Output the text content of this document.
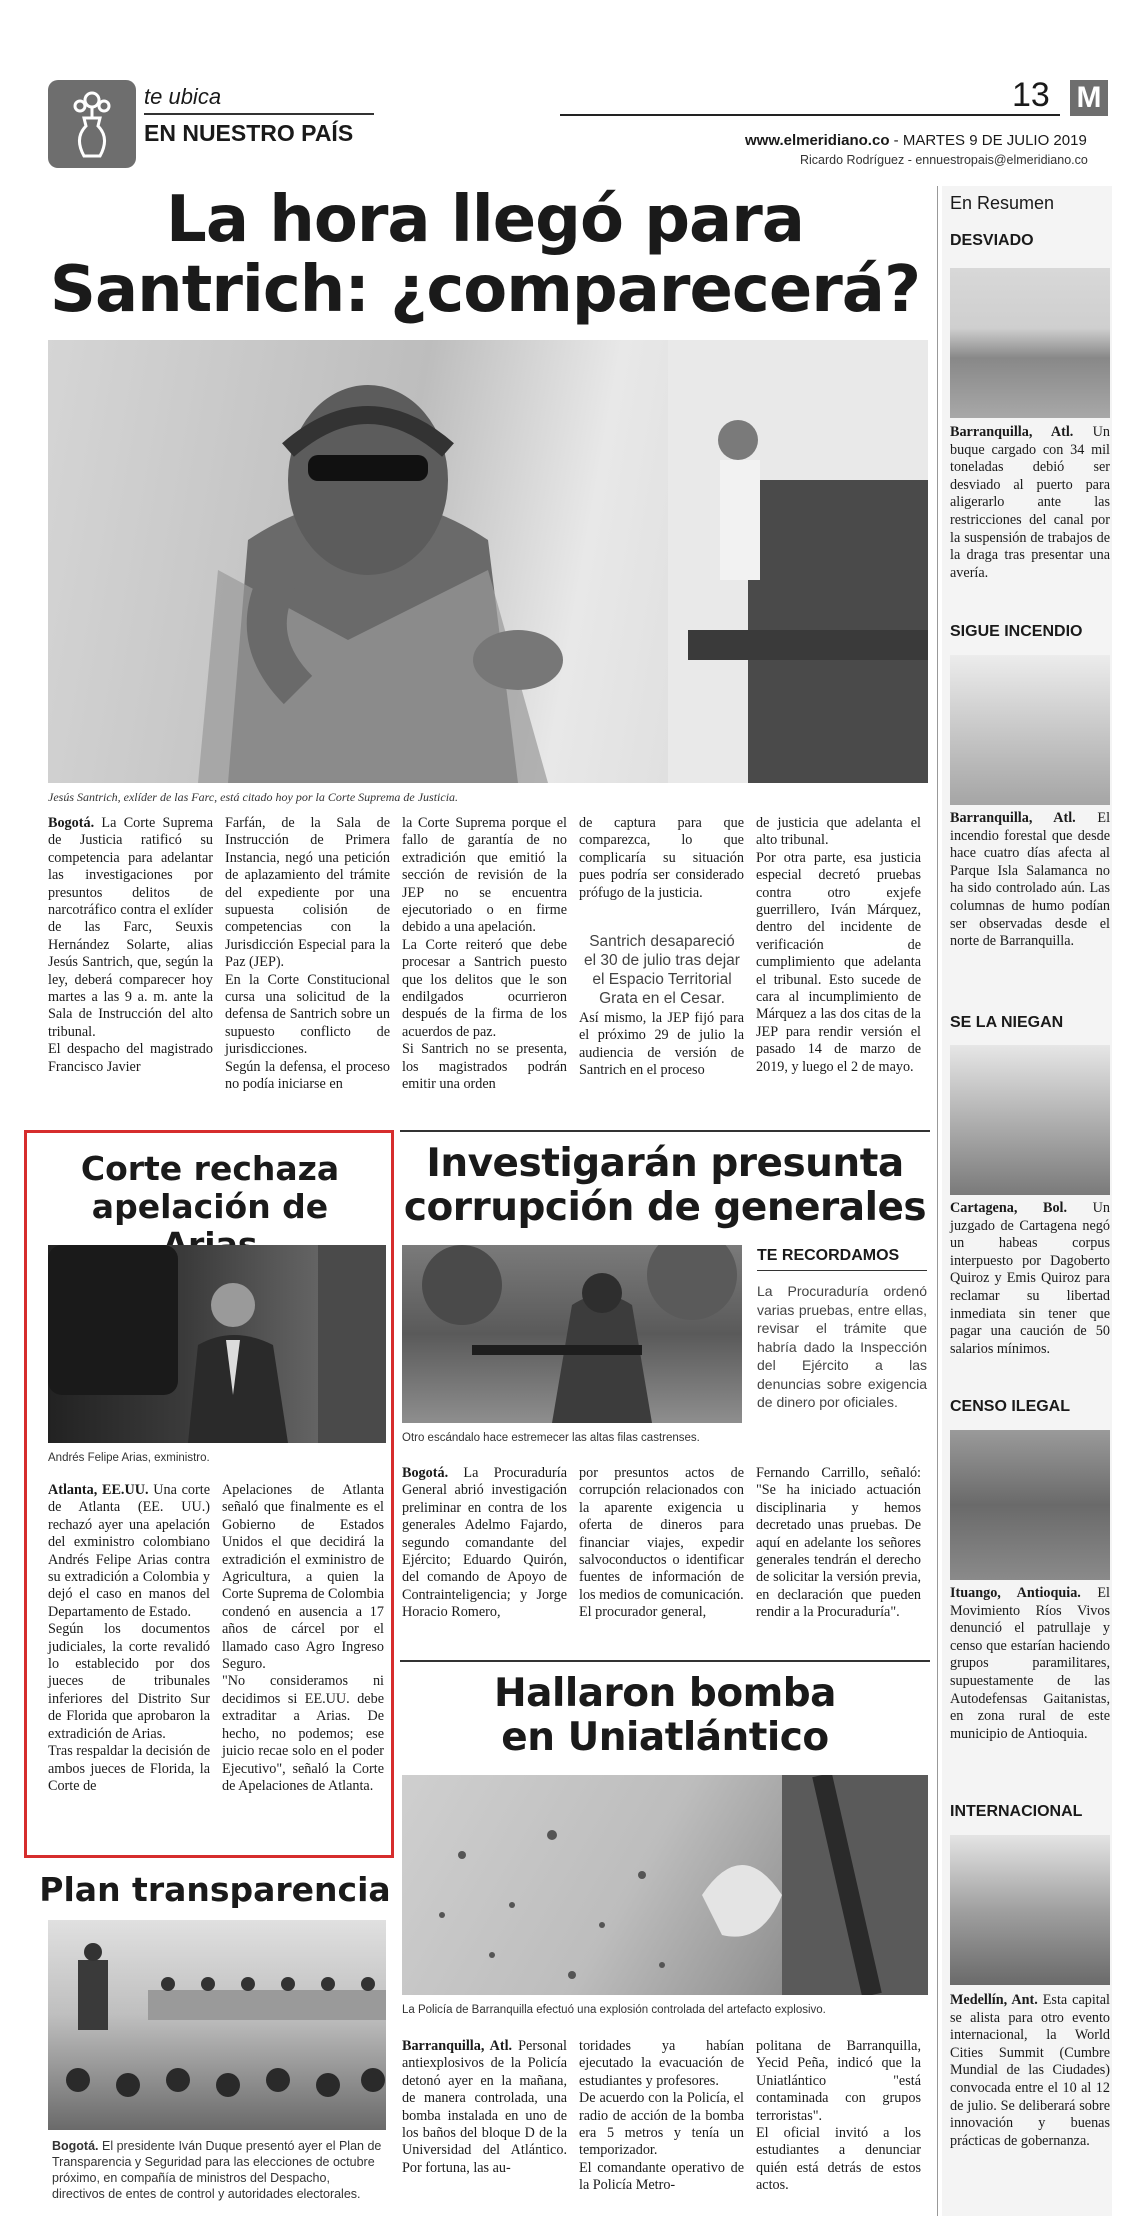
te ubica
EN NUESTRO PAÍS
13 M
www.elmeridiano.co - MARTES 9 DE JULIO 2019
Ricardo Rodríguez - ennuestropais@elmeridiano.co
La hora llegó para
Santrich: ¿comparecerá?
Jesús Santrich, exlíder de las Farc, está citado hoy por la Corte Suprema de Justicia.
Bogotá. La Corte Suprema de Justicia ratificó su competencia para adelantar las investigaciones por presuntos delitos de narcotráfico contra el exlíder de las Farc, Seuxis Hernández Solarte, alias Jesús Santrich, que, según la ley, deberá comparecer hoy martes a las 9 a. m. ante la Sala de Instrucción del alto tribunal.
El despacho del magistrado Francisco Javier
Farfán, de la Sala de Instrucción de Primera Instancia, negó una petición de aplazamiento del trámite del expediente por una supuesta colisión de competencias con la Jurisdicción Especial para la Paz (JEP).
En la Corte Constitucional cursa una solicitud de la defensa de Santrich sobre un supuesto conflicto de jurisdicciones.
Según la defensa, el proceso no podía iniciarse en
la Corte Suprema porque el fallo de garantía de no extradición que emitió la sección de revisión de la JEP no se encuentra ejecutoriado o en firme debido a una apelación.
La Corte reiteró que debe procesar a Santrich puesto que los delitos que le son endilgados ocurrieron después de la firma de los acuerdos de paz.
Si Santrich no se presenta, los magistrados podrán emitir una orden
de captura para que comparezca, lo que complicaría su situación pues podría ser considerado prófugo de la justicia.
Santrich desapareció el 30 de julio tras dejar el Espacio Territorial Grata en el Cesar.
Así mismo, la JEP fijó para el próximo 29 de julio la audiencia de versión de Santrich en el proceso
de justicia que adelanta el alto tribunal.
Por otra parte, esa justicia especial decretó pruebas contra otro exjefe guerrillero, Iván Márquez, dentro del incidente de verificación de cumplimiento que adelanta el tribunal. Esto sucede de cara al incumplimiento de Márquez a las dos citas de la JEP para rendir versión el pasado 14 de marzo de 2019, y luego el 2 de mayo.
Corte rechaza
apelación de
Andrés Felipe Arias, exministro.
Atlanta, EE.UU. Una corte de Atlanta (EE. UU.) rechazó ayer una apelación del exministro colombiano Andrés Felipe Arias contra su extradición a Colombia y dejó el caso en manos del Departamento de Estado.
Según los documentos judiciales, la corte revalidó lo establecido por dos jueces de tribunales inferiores del Distrito Sur de Florida que aprobaron la extradición de Arias.
Tras respaldar la decisión de ambos jueces de Florida, la Corte de
Apelaciones de Atlanta señaló que finalmente es el Gobierno de Estados Unidos el que decidirá la extradición el exministro de Agricultura, a quien la Corte Suprema de Colombia condenó en ausencia a 17 años de cárcel por el llamado caso Agro Ingreso Seguro.
"No consideramos ni decidimos si EE.UU. debe extraditar a Arias. De hecho, no podemos; ese juicio recae solo en el poder Ejecutivo", señaló la Corte de Apelaciones de Atlanta.
Investigarán presunta
corrupción de generales
Otro escándalo hace estremecer las altas filas castrenses.
TE RECORDAMOS
La Procuraduría ordenó varias pruebas, entre ellas, revisar el trámite que habría dado la Inspección del Ejército a las denuncias sobre exigencia de dinero por oficiales.
Bogotá. La Procuraduría General abrió investigación preliminar en contra de los generales Adelmo Fajardo, segundo comandante del Ejército; Eduardo Quirón, del comando de Apoyo de Contrainteligencia; y Jorge Horacio Romero,
por presuntos actos de corrupción relacionados con la aparente exigencia u oferta de dineros para financiar viajes, expedir salvoconductos o identificar fuentes de información de los medios de comunicación.
El procurador general,
Fernando Carrillo, señaló: "Se ha iniciado actuación disciplinaria y hemos decretado unas pruebas. De aquí en adelante los señores generales tendrán el derecho de solicitar la versión previa, en declaración que pueden rendir a la Procuraduría".
Hallaron bomba
en Uniatlántico
La Policía de Barranquilla efectuó una explosión controlada del artefacto explosivo.
Barranquilla, Atl. Personal antiexplosivos de la Policía detonó ayer en la mañana, de manera controlada, una bomba instalada en uno de los baños del bloque D de la Universidad del Atlántico. Por fortuna, las au-
toridades ya habían ejecutado la evacuación de estudiantes y profesores.
De acuerdo con la Policía, el radio de acción de la bomba era 5 metros y tenía un temporizador.
El comandante operativo de la Policía Metro-
politana de Barranquilla, Yecid Peña, indicó que la Uniatlántico "está contaminada con grupos terroristas".
El oficial invitó a los estudiantes a denunciar quién está detrás de estos actos.
Plan transparencia
Bogotá. El presidente Iván Duque presentó ayer el Plan de Transparencia y Seguridad para las elecciones de octubre próximo, en compañía de ministros del Despacho, directivos de entes de control y autoridades electorales.
En Resumen
DESVIADO
Barranquilla, Atl. Un buque cargado con 34 mil toneladas debió ser desviado al puerto para aligerarlo ante las restricciones del canal por la suspensión de trabajos de la draga tras presentar una avería.
SIGUE INCENDIO
Barranquilla, Atl. El incendio forestal que desde hace cuatro días afecta al Parque Isla Salamanca no ha sido controlado aún. Las columnas de humo podían ser observadas desde el norte de Barranquilla.
SE LA NIEGAN
Cartagena, Bol. Un juzgado de Cartagena negó un habeas corpus interpuesto por Dagoberto Quiroz y Emis Quiroz para reclamar su libertad inmediata sin tener que pagar una caución de 50 salarios mínimos.
CENSO ILEGAL
Ituango, Antioquia. El Movimiento Ríos Vivos denunció el patrullaje y censo que estarían haciendo grupos paramilitares, supuestamente de las Autodefensas Gaitanistas, en zona rural de este municipio de Antioquia.
INTERNACIONAL
Medellín, Ant. Esta capital se alista para otro evento internacional, la World Cities Summit (Cumbre Mundial de las Ciudades) convocada entre el 10 al 12 de julio. Se deliberará sobre innovación y buenas prácticas de gobernanza.
